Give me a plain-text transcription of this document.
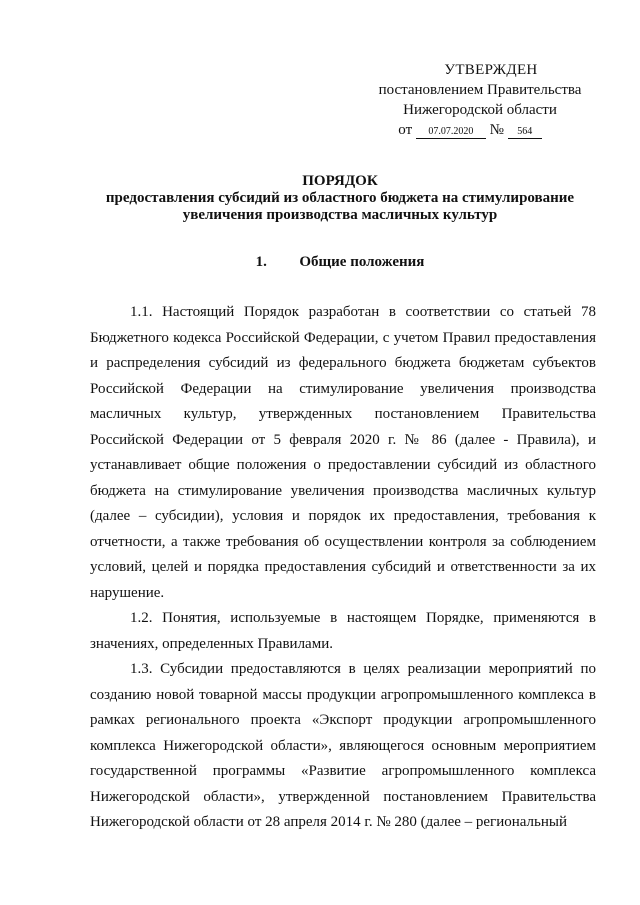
УТВЕРЖДЕН
постановлением Правительства
Нижегородской области
от 07.07.2020 № 564
ПОРЯДОК
предоставления субсидий из областного бюджета на стимулирование
увеличения производства масличных культур
1. Общие положения

1.1. Настоящий Порядок разработан в соответствии со статьей 78 Бюджетного кодекса Российской Федерации, с учетом Правил предоставления и распределения субсидий из федерального бюджета бюджетам субъектов Российской Федерации на стимулирование увеличения производства масличных культур, утвержденных постановлением Правительства Российской Федерации от 5 февраля 2020 г. № 86 (далее - Правила), и устанавливает общие положения о предоставлении субсидий из областного бюджета на стимулирование увеличения производства масличных культур (далее – субсидии), условия и порядок их предоставления, требования к отчетности, а также требования об осуществлении контроля за соблюдением условий, целей и порядка предоставления субсидий и ответственности за их нарушение.

1.2. Понятия, используемые в настоящем Порядке, применяются в значениях, определенных Правилами.

1.3. Субсидии предоставляются в целях реализации мероприятий по созданию новой товарной массы продукции агропромышленного комплекса в рамках регионального проекта «Экспорт продукции агропромышленного комплекса Нижегородской области», являющегося основным мероприятием государственной программы «Развитие агропромышленного комплекса Нижегородской области», утвержденной постановлением Правительства Нижегородской области от 28 апреля 2014 г. № 280 (далее – региональный
